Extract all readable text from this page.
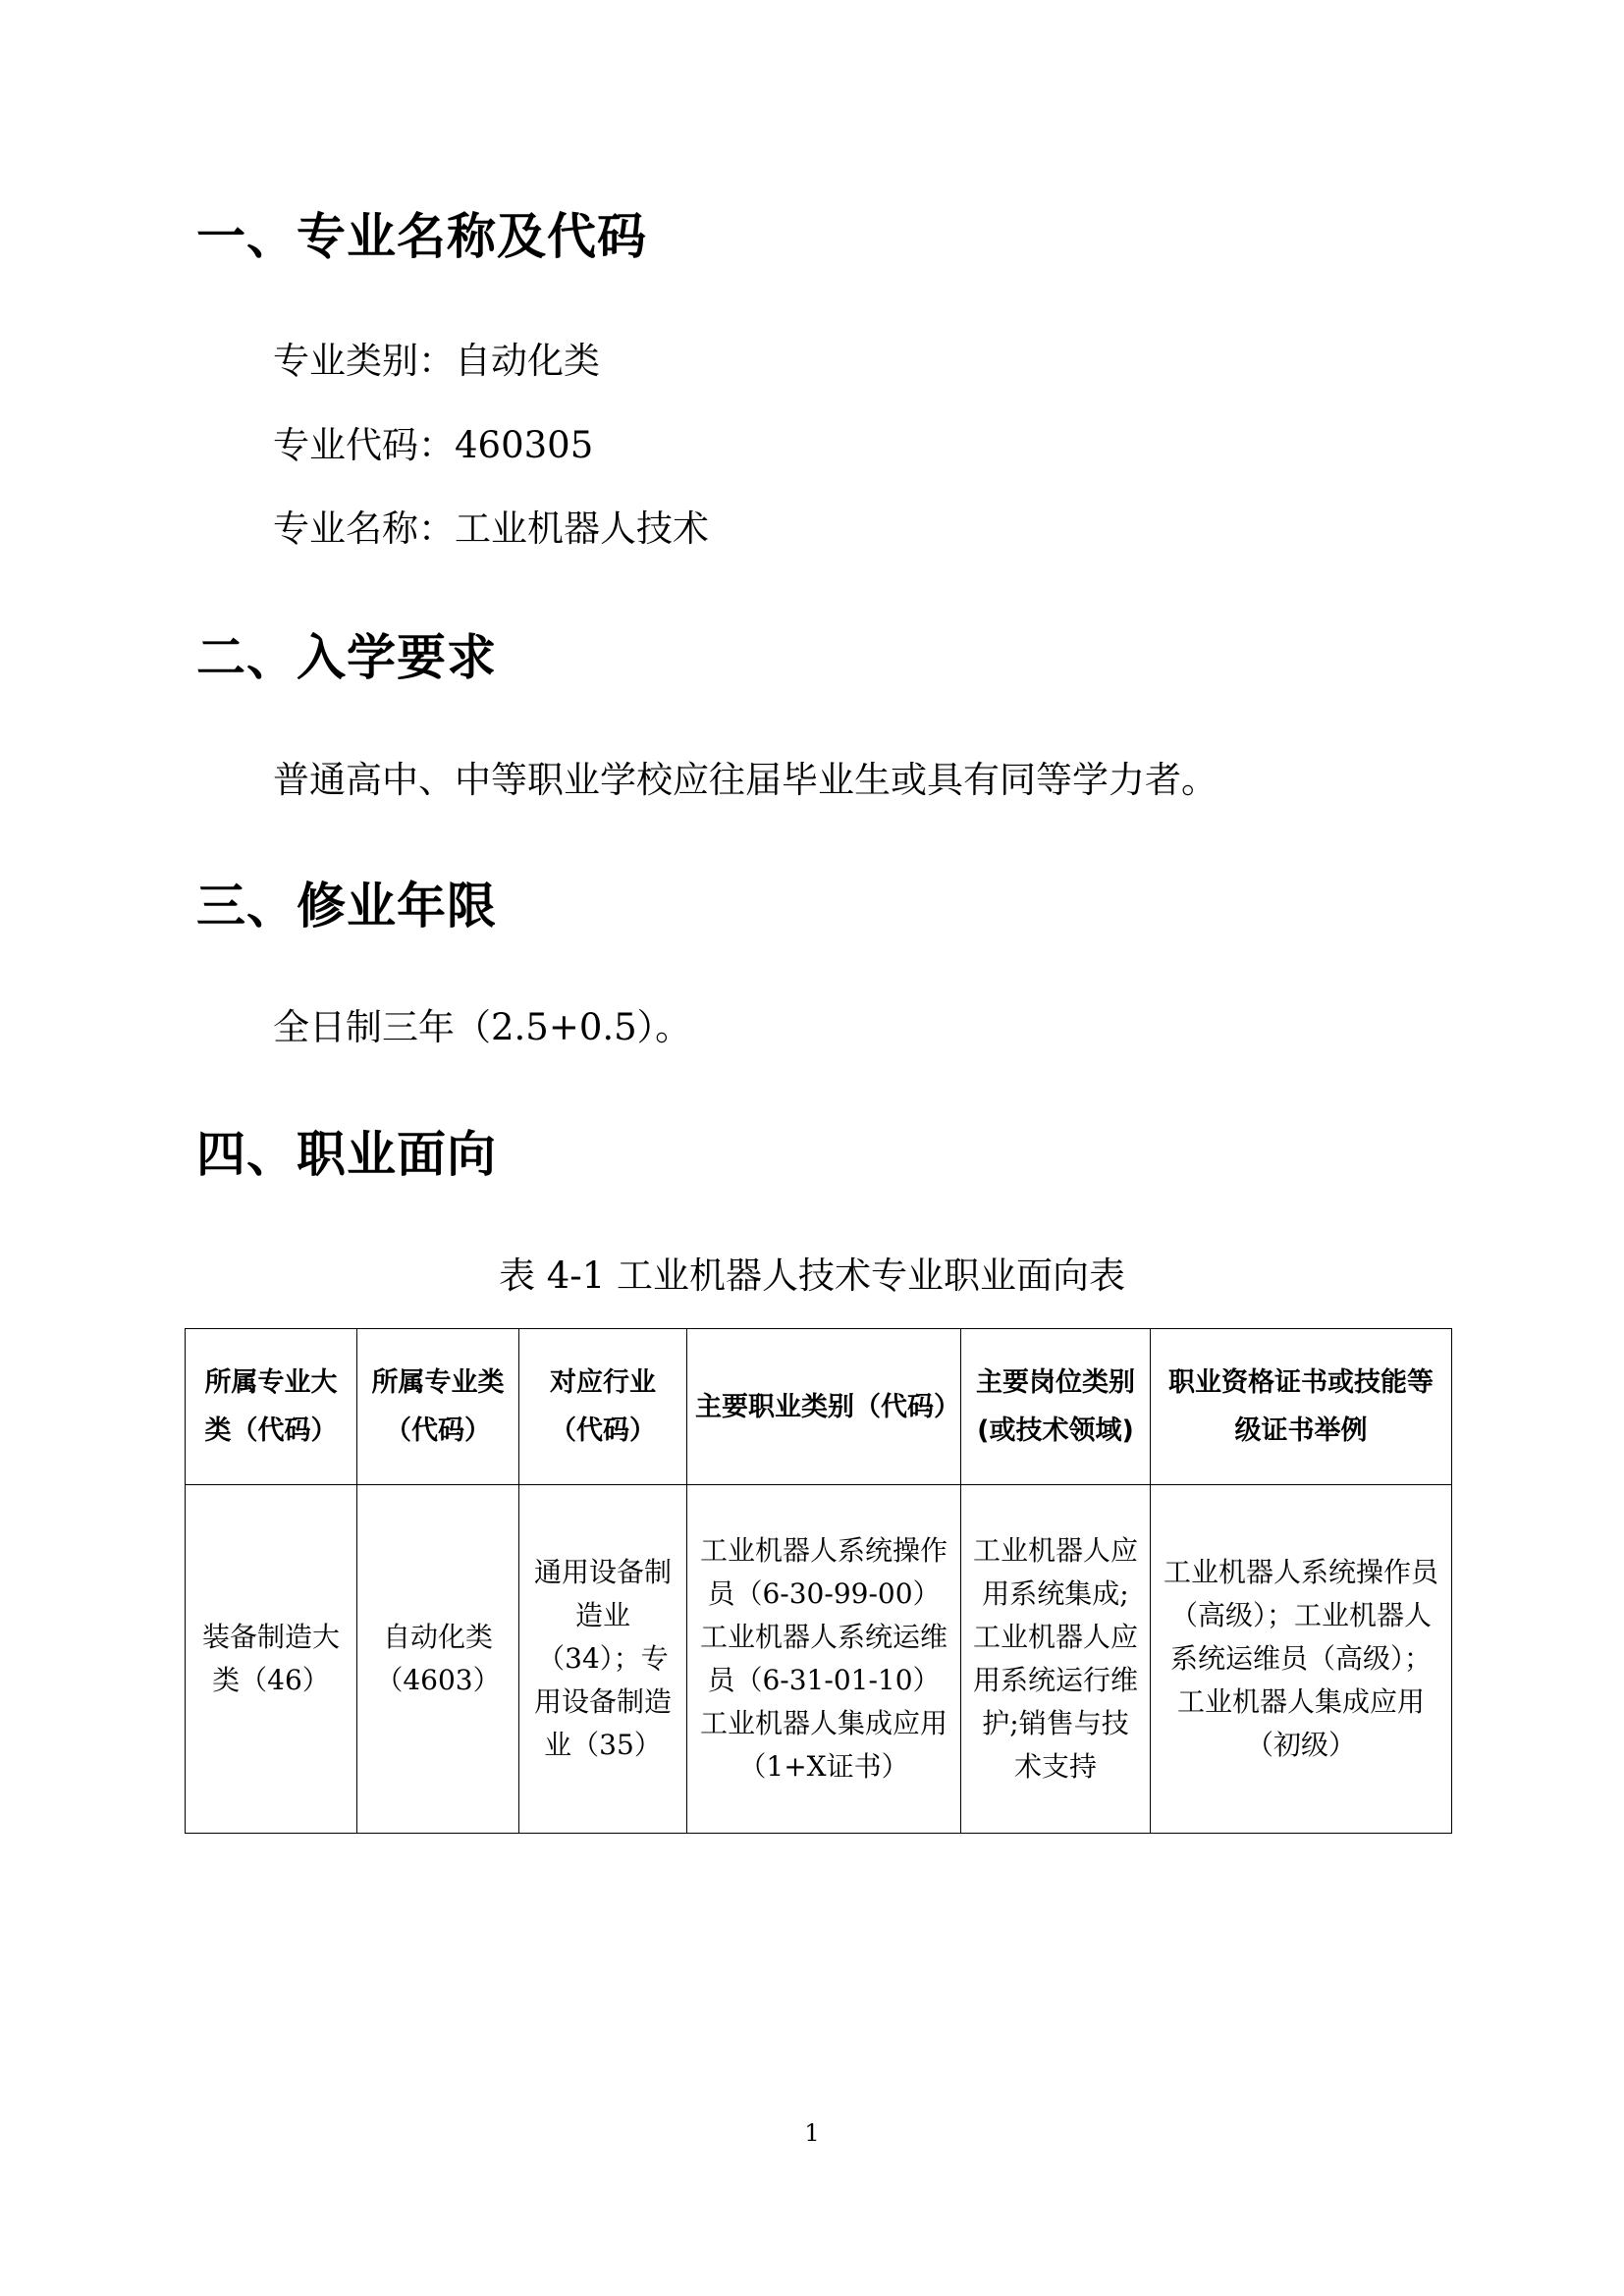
一、专业名称及代码

专业类别：自动化类

专业代码：460305

专业名称：工业机器人技术

二、入学要求

普通高中、中等职业学校应往届毕业生或具有同等学力者。

三、修业年限

全日制三年（2.5+0.5）。

四、职业面向
表 4-1 工业机器人技术专业职业面向表
所属专业大类（代码）	所属专业类（代码）	对应行业（代码）	主要职业类别（代码）	主要岗位类别(或技术领域)	职业资格证书或技能等级证书举例

装备制造大类（46）	自动化类（4603）	通用设备制造业（34）；专用设备制造业（35）	工业机器人系统操作员（6-30-99-00）工业机器人系统运维员（6-31-01-10）工业机器人集成应用（1+X证书）	工业机器人应用系统集成;工业机器人应用系统运行维护;销售与技术支持	工业机器人系统操作员（高级）；工业机器人系统运维员（高级）；工业机器人集成应用（初级）
1
